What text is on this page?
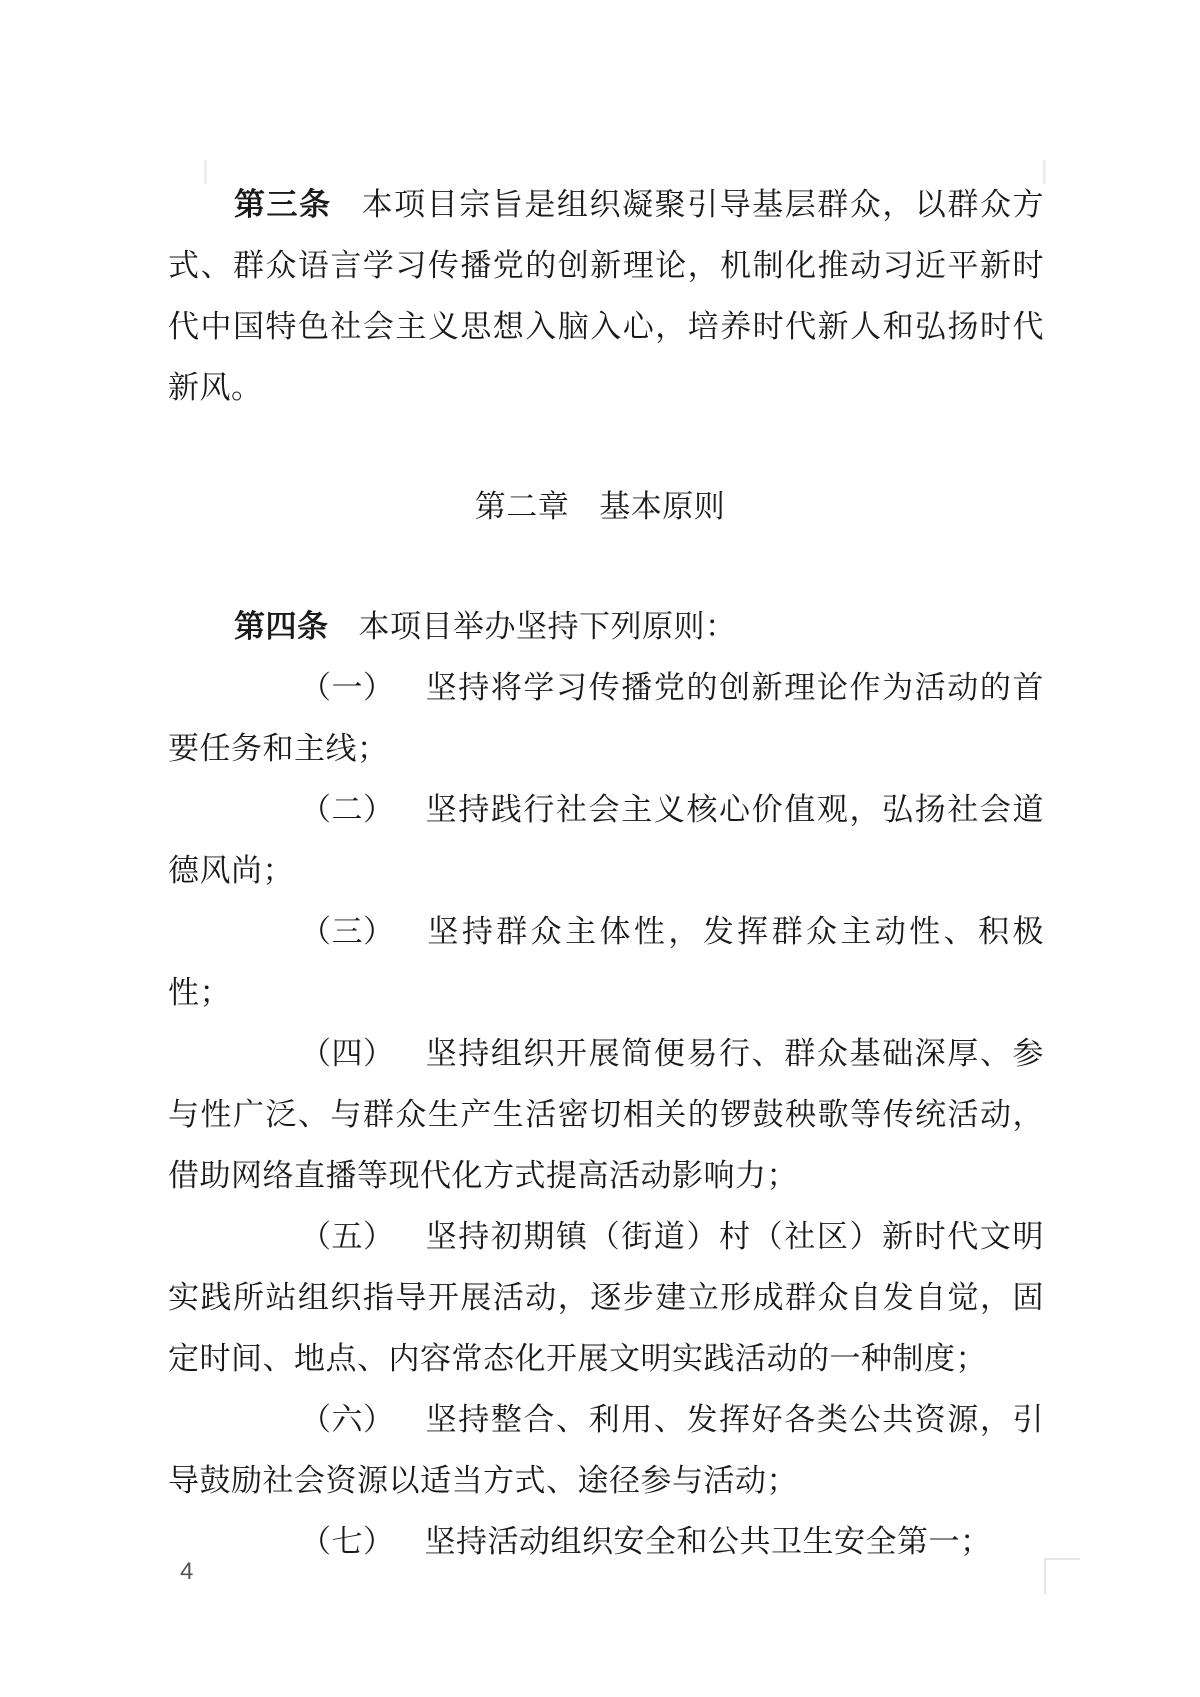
第三条 本项目宗旨是组织凝聚引导基层群众，以群众方式、群众语言学习传播党的创新理论，机制化推动习近平新时代中国特色社会主义思想入脑入心，培养时代新人和弘扬时代新风。

第二章 基本原则

第四条 本项目举办坚持下列原则：

（一） 坚持将学习传播党的创新理论作为活动的首要任务和主线；

（二） 坚持践行社会主义核心价值观，弘扬社会道德风尚；

（三） 坚持群众主体性，发挥群众主动性、积极性；

（四） 坚持组织开展简便易行、群众基础深厚、参与性广泛、与群众生产生活密切相关的锣鼓秧歌等传统活动，借助网络直播等现代化方式提高活动影响力；

（五） 坚持初期镇（街道）村（社区）新时代文明实践所站组织指导开展活动，逐步建立形成群众自发自觉，固定时间、地点、内容常态化开展文明实践活动的一种制度；

（六） 坚持整合、利用、发挥好各类公共资源，引导鼓励社会资源以适当方式、途径参与活动；

（七） 坚持活动组织安全和公共卫生安全第一；

4
